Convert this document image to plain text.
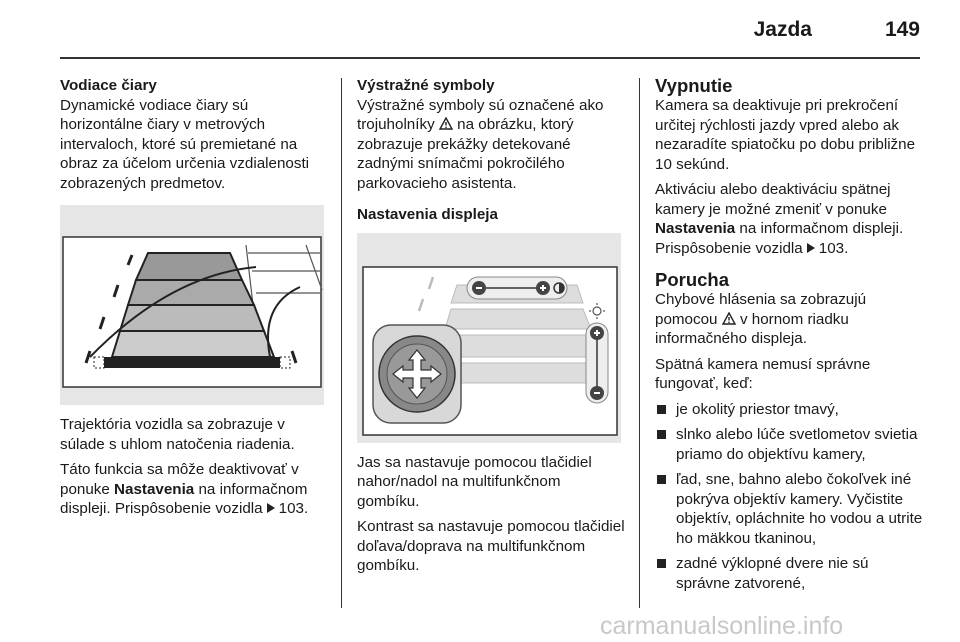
Jazda	149
Vodiace čiary

Dynamické vodiace čiary sú horizontálne čiary v metrových intervaloch, ktoré sú premietané na obraz za účelom určenia vzdialenosti zobrazených predmetov.

Trajektória vozidla sa zobrazuje v súlade s uhlom natočenia riadenia.

Táto funkcia sa môže deaktivovať v ponuke Nastavenia na informačnom displeji. Prispôsobenie vozidla 103.

Výstražné symboly

Výstražné symboly sú označené ako trojuholníky na obrázku, ktorý zobrazuje prekážky detekované zadnými snímačmi pokročilého parkovacieho asistenta.

Nastavenia displeja

Jas sa nastavuje pomocou tlačidiel nahor/nadol na multifunkčnom gombíku.

Kontrast sa nastavuje pomocou tlačidiel doľava/doprava na multifunkčnom gombíku.

Vypnutie

Kamera sa deaktivuje pri prekročení určitej rýchlosti jazdy vpred alebo ak nezaradíte spiatočku po dobu približne 10 sekúnd.

Aktiváciu alebo deaktiváciu spätnej kamery je možné zmeniť v ponuke Nastavenia na informačnom displeji. Prispôsobenie vozidla 103.

Porucha

Chybové hlásenia sa zobrazujú pomocou v hornom riadku informačného displeja.

Spätná kamera nemusí správne fungovať, keď:

je okolitý priestor tmavý,
slnko alebo lúče svetlometov svietia priamo do objektívu kamery,
ľad, sne, bahno alebo čokoľvek iné pokrýva objektív kamery. Vyčistite objektív, opláchnite ho vodou a utrite ho mäkkou tkaninou,
zadné výklopné dvere nie sú správne zatvorené,
carmanualsonline.info
